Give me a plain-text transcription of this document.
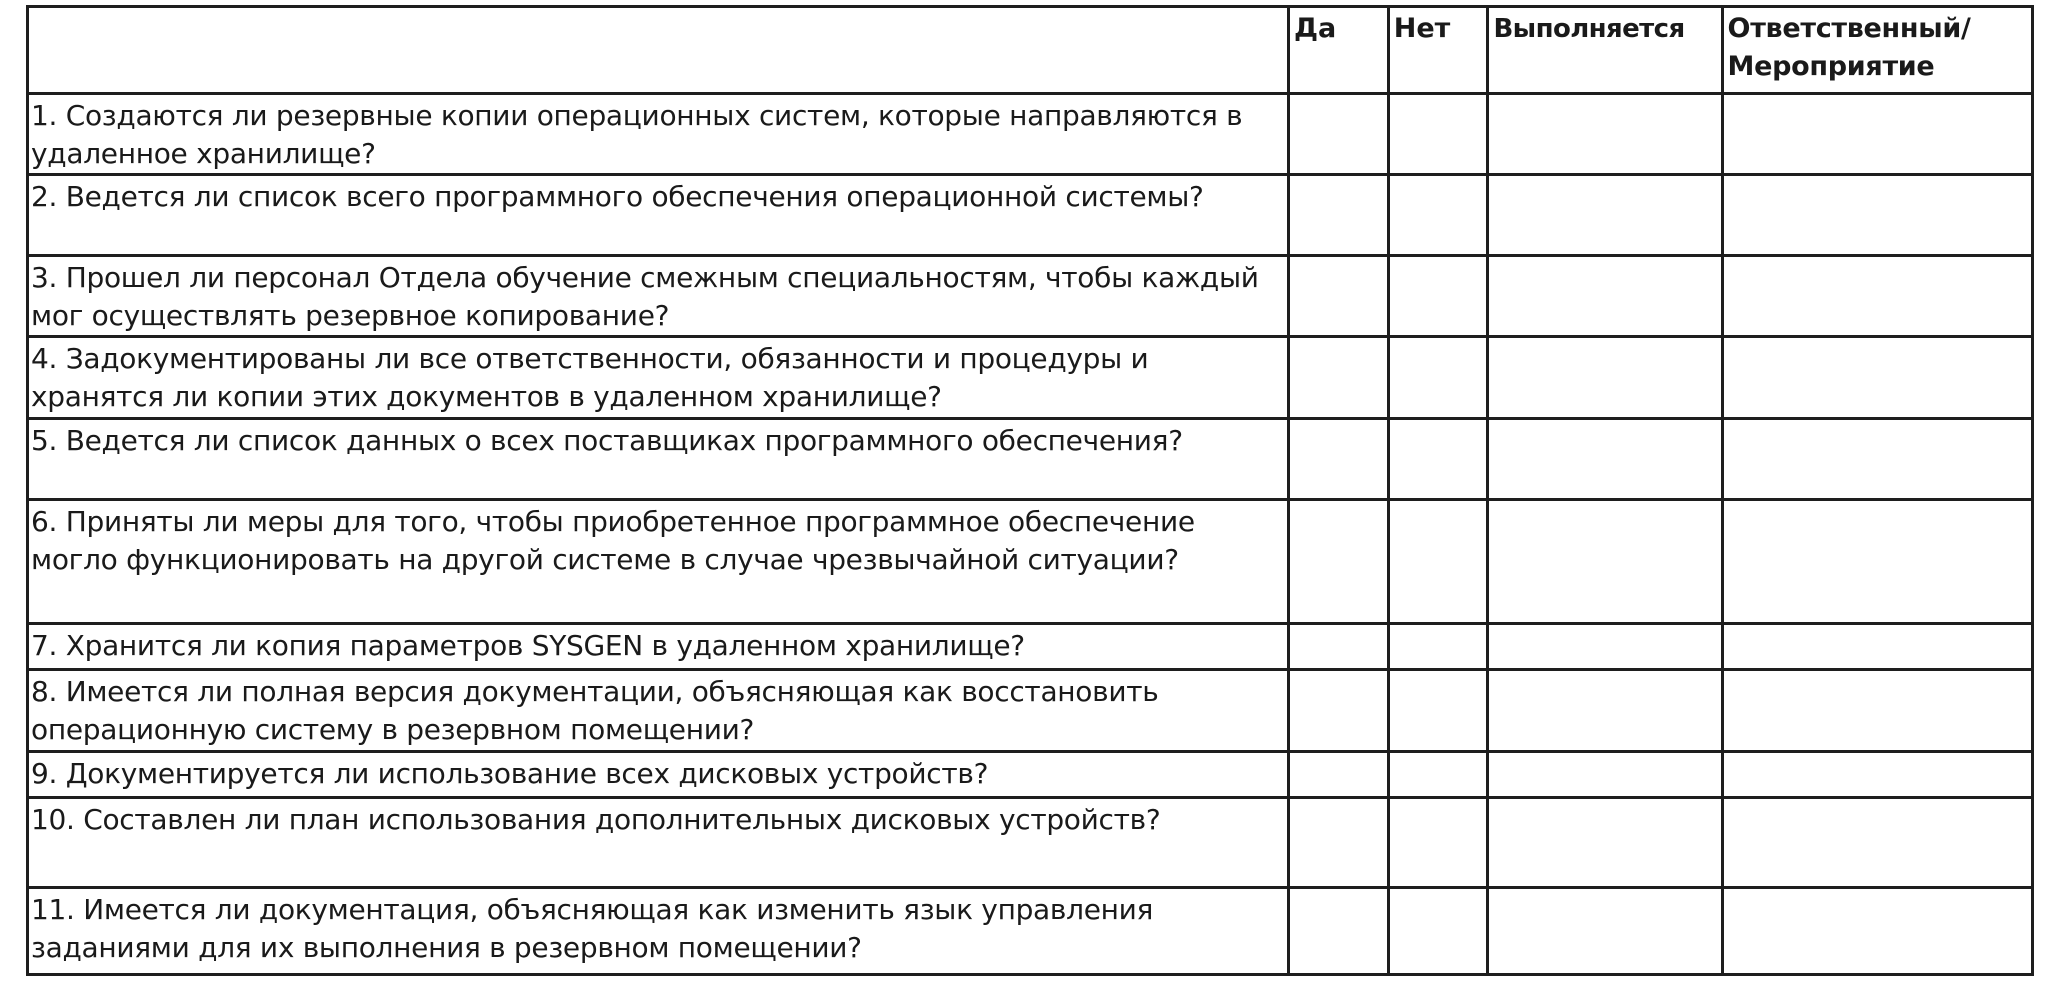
	Да	Нет	Выполняется	Ответственный/ Мероприятие
1. Создаются ли резервные копии операционных систем, которые направляются в удаленное хранилище?				
2. Ведется ли список всего программного обеспечения операционной системы?				
3. Прошел ли персонал Отдела обучение смежным специальностям, чтобы каждый мог осуществлять резервное копирование?				
4. Задокументированы ли все ответственности, обязанности и процедуры и хранятся ли копии этих документов в удаленном хранилище?				
5. Ведется ли список данных о всех поставщиках программного обеспечения?				
6. Приняты ли меры для того, чтобы приобретенное программное обеспечение могло функционировать на другой системе в случае чрезвычайной ситуации?				
7. Хранится ли копия параметров SYSGEN в удаленном хранилище?				
8. Имеется ли полная версия документации, объясняющая как восстановить операционную систему в резервном помещении?				
9. Документируется ли использование всех дисковых устройств?				
10. Составлен ли план использования дополнительных дисковых устройств?				
11. Имеется ли документация, объясняющая как изменить язык управления заданиями для их выполнения в резервном помещении?				
